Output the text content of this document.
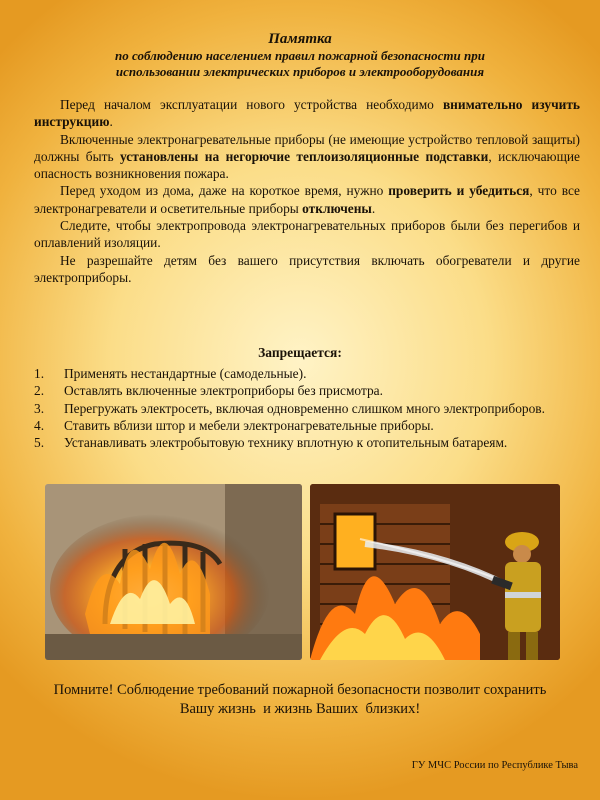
Памятка
по соблюдению населением правил пожарной безопасности при
использовании электрических приборов и электрооборудования

Перед началом эксплуатации нового устройства необходимо внимательно изучить инструкцию.

Включенные электронагревательные приборы (не имеющие устройство тепловой защиты) должны быть установлены на негорючие теплоизоляционные подставки, исключающие опасность возникновения пожара.

Перед уходом из дома, даже на короткое время, нужно проверить и убедиться, что все электронагреватели и осветительные приборы отключены.

Следите, чтобы электропровода электронагревательных приборов были без перегибов и оплавлений изоляции.

Не разрешайте детям без вашего присутствия включать обогреватели и другие электроприборы.

Запрещается:
1. Применять нестандартные (самодельные).
2. Оставлять включенные электроприборы без присмотра.
3. Перегружать электросеть, включая одновременно слишком много электроприборов.
4. Ставить вблизи штор и мебели электронагревательные приборы.
5. Устанавливать электробытовую технику вплотную к отопительным батареям.
Помните! Соблюдение требований пожарной безопасности позволит сохранить
Вашу жизнь  и жизнь Ваших  близких!
ГУ МЧС России по Республике Тыва
